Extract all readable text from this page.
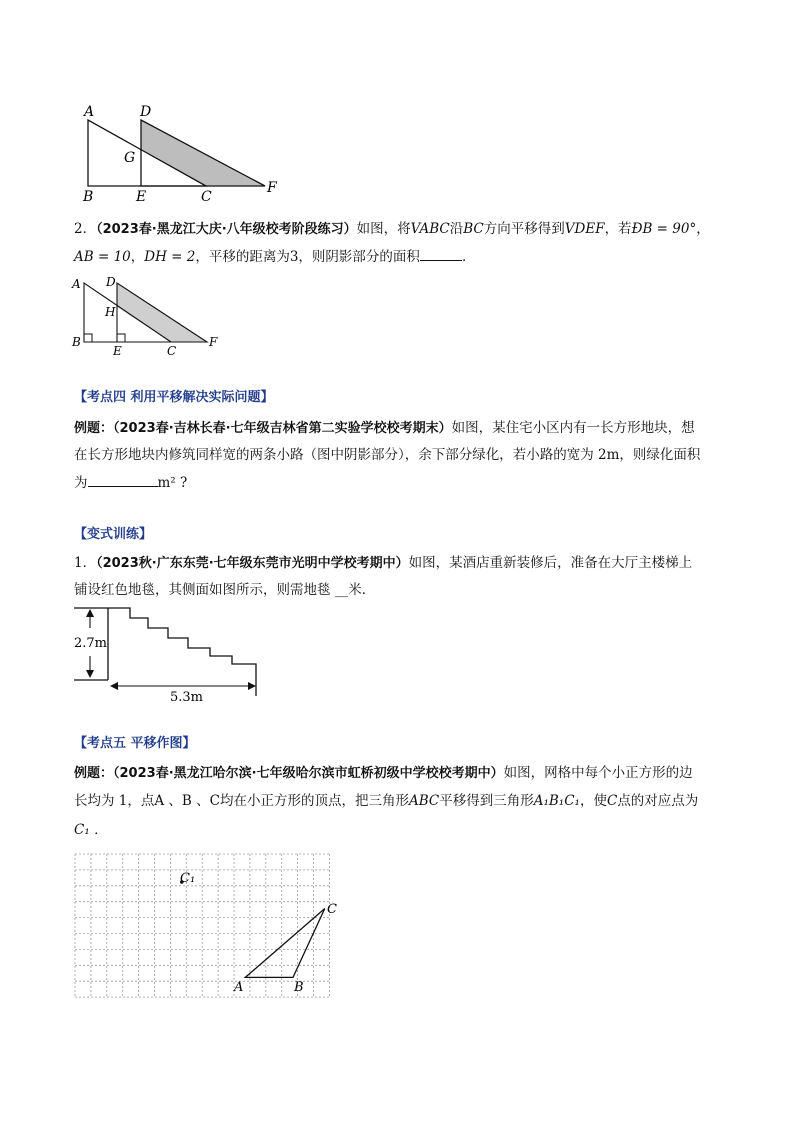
A	D
G
B	E	C
F
2．（2023春·黑龙江大庆·八年级校考阶段练习）如图，将VABC沿BC方向平移得到VDEF，若ÐB = 90°，
AB = 10，DH = 2，平移的距离为3，则阴影部分的面积	．
A D
H
B
E	C
F
【考点四 利用平移解决实际问题】
例题：（2023春·吉林长春·七年级吉林省第二实验学校校考期末）如图，某住宅小区内有一长方形地块，想
在长方形地块内修筑同样宽的两条小路（图中阴影部分），余下部分绿化，若小路的宽为 2m，则绿化面积
为	m² ?
【变式训练】
1．（2023秋·广东东莞·七年级东莞市光明中学校考期中）如图，某酒店重新装修后，准备在大厅主楼梯上
铺设红色地毯，其侧面如图所示，则需地毯 __米．
2.7m
5.3m
【考点五 平移作图】
例题：（2023春·黑龙江哈尔滨·七年级哈尔滨市虹桥初级中学校校考期中）如图，网格中每个小正方形的边
长均为 1，点A 、B 、C均在小正方形的顶点，把三角形ABC平移得到三角形A₁B₁C₁，使C点的对应点为
C₁ ．
C₁
C
A	B
